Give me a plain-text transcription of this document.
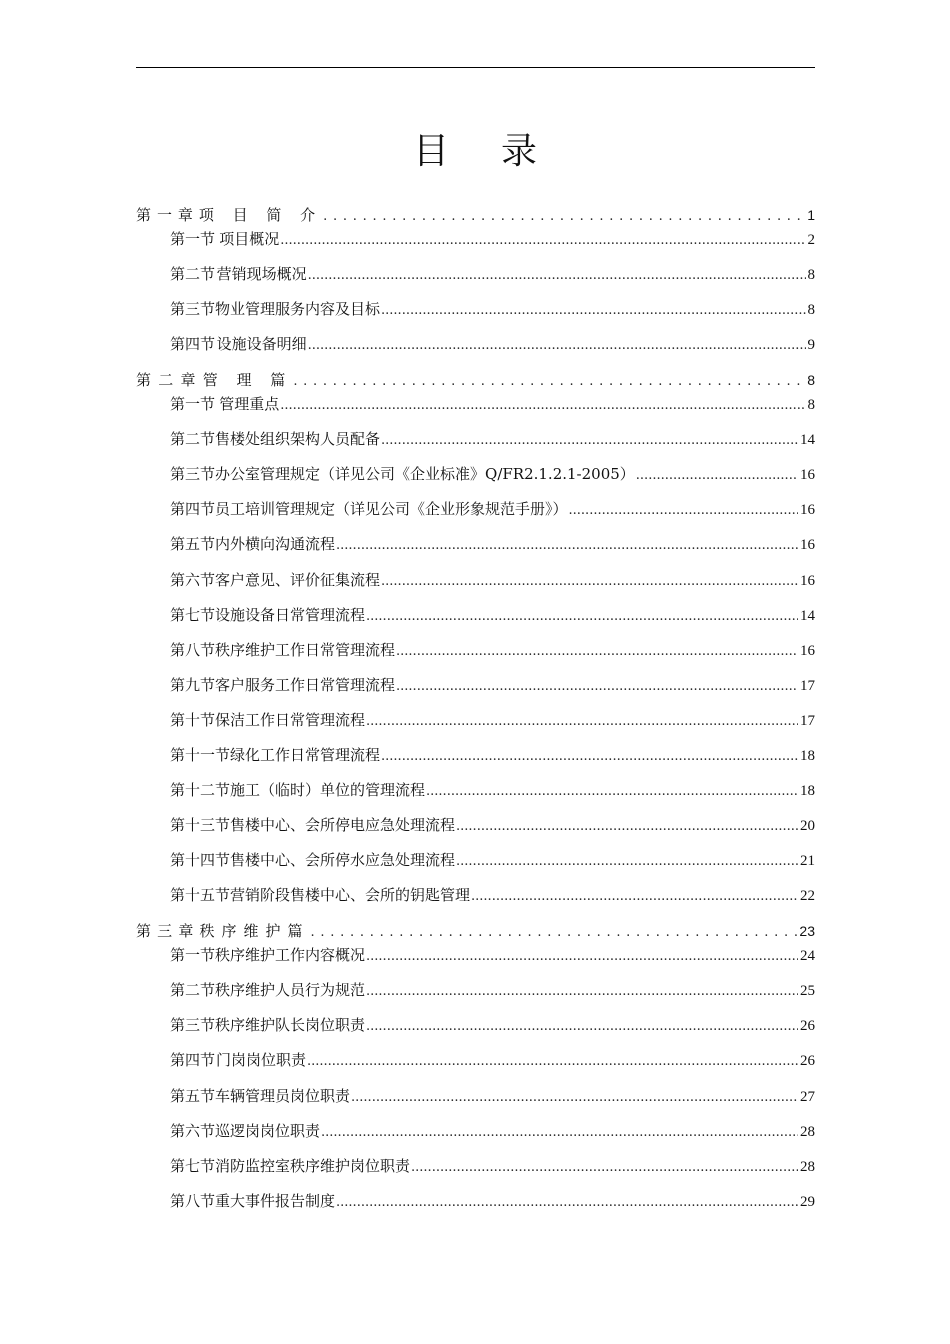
目 录
第 一 章 项 目 简 介 . . .	1
第一节 项目概况 .....	2
第二节 营销现场概况 .....	8
第三节 物业管理服务内容及目标 .....	8
第四节 设施设备明细 .....	9
第 二 章 管 理 篇 . . .	8
第一节 管理重点 .....	8
第二节 售楼处组织架构人员配备 .....	14
第三节 办公室管理规定（详见公司《企业标准》Q/FR2.1.2.1-2005） .....	16
第四节 员工培训管理规定（详见公司《企业形象规范手册》） .....	16
第五节 内外横向沟通流程 .....	16
第六节 客户意见、评价征集流程 .....	16
第七节 设施设备日常管理流程 .....	14
第八节 秩序维护工作日常管理流程 .....	16
第九节 客户服务工作日常管理流程 .....	17
第十节 保洁工作日常管理流程 .....	17
第十一节 绿化工作日常管理流程 .....	18
第十二节 施工（临时）单位的管理流程 .....	18
第十三节 售楼中心、会所停电应急处理流程 .....	20
第十四节 售楼中心、会所停水应急处理流程 .....	21
第十五节 营销阶段售楼中心、会所的钥匙管理 .....	22
第 三 章 秩序维护篇 . . .	23
第一节 秩序维护工作内容概况 .....	24
第二节 秩序维护人员行为规范 .....	25
第三节 秩序维护队长岗位职责 .....	26
第四节 门岗岗位职责 .....	26
第五节 车辆管理员岗位职责 .....	27
第六节 巡逻岗岗位职责 .....	28
第七节 消防监控室秩序维护岗位职责 .....	28
第八节 重大事件报告制度 .....	29
